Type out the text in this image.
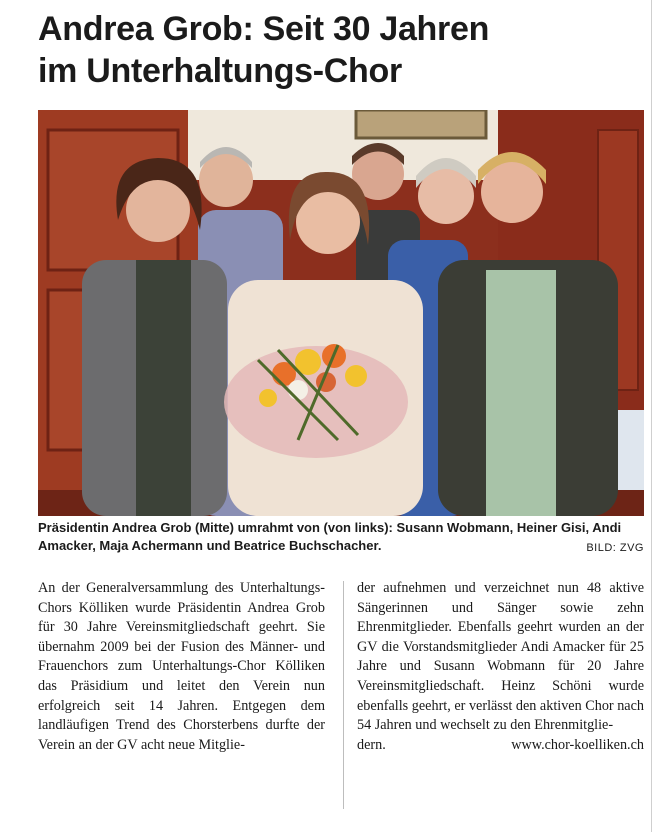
Andrea Grob: Seit 30 Jahren
im Unterhaltungs-Chor
Präsidentin Andrea Grob (Mitte) umrahmt von (von links): Susann Wobmann, Heiner Gisi, Andi Amacker, Maja Achermann und Beatrice Buchschacher.	BILD: ZVG

An der Generalversammlung des Unterhaltungs-Chors Kölliken wurde Präsidentin Andrea Grob für 30 Jahre Vereinsmitgliedschaft geehrt. Sie übernahm 2009 bei der Fusion des Männer- und Frauenchors zum Unterhaltungs-Chor Kölliken das Präsidium und leitet den Verein nun erfolgreich seit 14 Jahren. Entgegen dem landläufigen Trend des Chorsterbens durfte der Verein an der GV acht neue Mitglie-

der aufnehmen und verzeichnet nun 48 aktive Sängerinnen und Sänger sowie zehn Ehrenmitglieder. Ebenfalls geehrt wurden an der GV die Vorstandsmitglieder Andi Amacker für 25 Jahre und Susann Wobmann für 20 Jahre Vereinsmitgliedschaft. Heinz Schöni wurde ebenfalls geehrt, er verlässt den aktiven Chor nach 54 Jahren und wechselt zu den Ehrenmitglie-

dern.	www.chor-koelliken.ch
